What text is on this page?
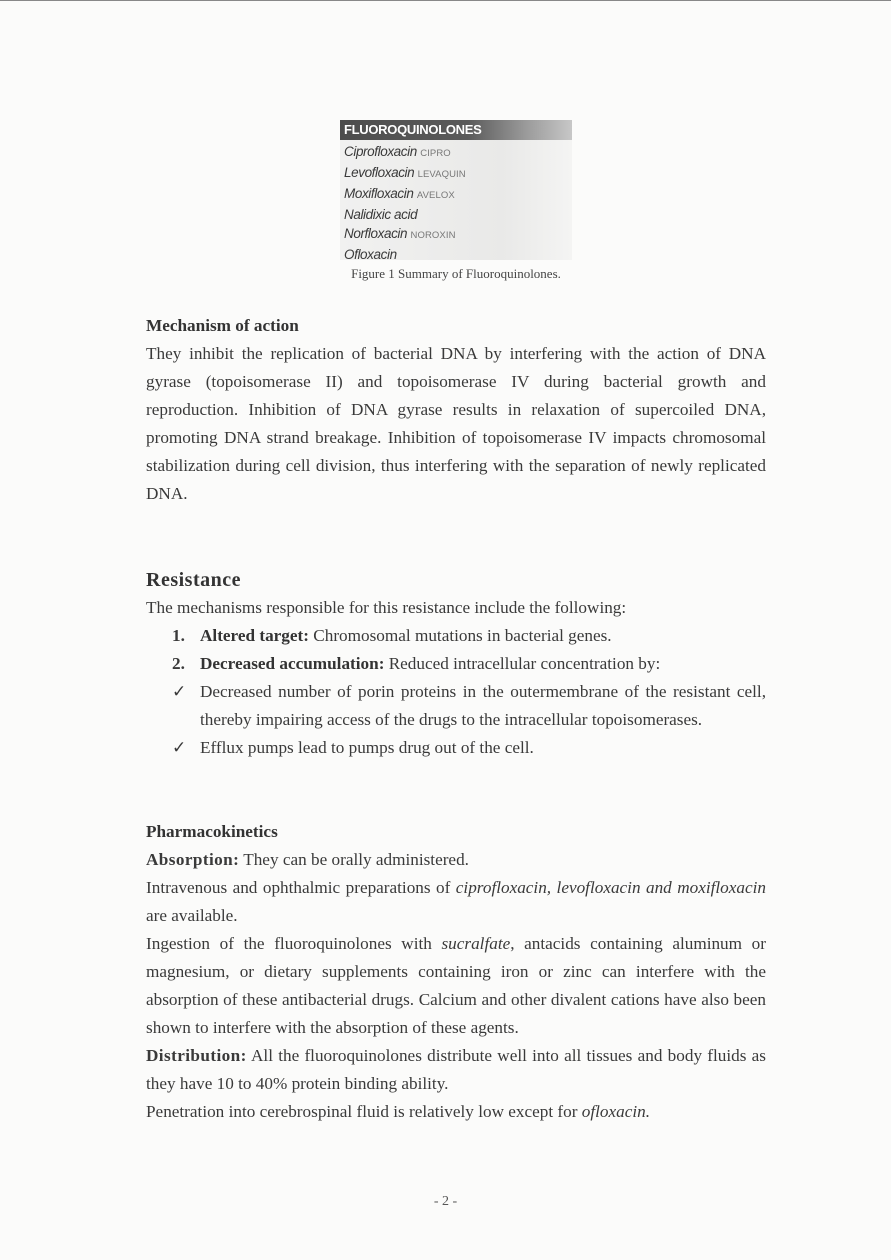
FLUOROQUINOLONES
Ciprofloxacin CIPRO
Levofloxacin LEVAQUIN
Moxifloxacin AVELOX
Nalidixic acid
Norfloxacin NOROXIN
Ofloxacin
Figure 1 Summary of Fluoroquinolones.

Mechanism of action

They inhibit the replication of bacterial DNA by interfering with the action of DNA gyrase (topoisomerase II) and topoisomerase IV during bacterial growth and reproduction. Inhibition of DNA gyrase results in relaxation of supercoiled DNA, promoting DNA strand breakage. Inhibition of topoisomerase IV impacts chromosomal stabilization during cell division, thus interfering with the separation of newly replicated DNA.

Resistance
The mechanisms responsible for this resistance include the following:
1. Altered target: Chromosomal mutations in bacterial genes.
2. Decreased accumulation: Reduced intracellular concentration by:
✓ Decreased number of porin proteins in the outermembrane of the resistant cell, thereby impairing access of the drugs to the intracellular topoisomerases.
✓ Efflux pumps lead to pumps drug out of the cell.

Pharmacokinetics

Absorption: They can be orally administered.

Intravenous and ophthalmic preparations of ciprofloxacin, levofloxacin and moxifloxacin are available.

Ingestion of the fluoroquinolones with sucralfate, antacids containing aluminum or magnesium, or dietary supplements containing iron or zinc can interfere with the absorption of these antibacterial drugs. Calcium and other divalent cations have also been shown to interfere with the absorption of these agents.

Distribution: All the fluoroquinolones distribute well into all tissues and body fluids as they have 10 to 40% protein binding ability.

Penetration into cerebrospinal fluid is relatively low except for ofloxacin.

- 2 -
